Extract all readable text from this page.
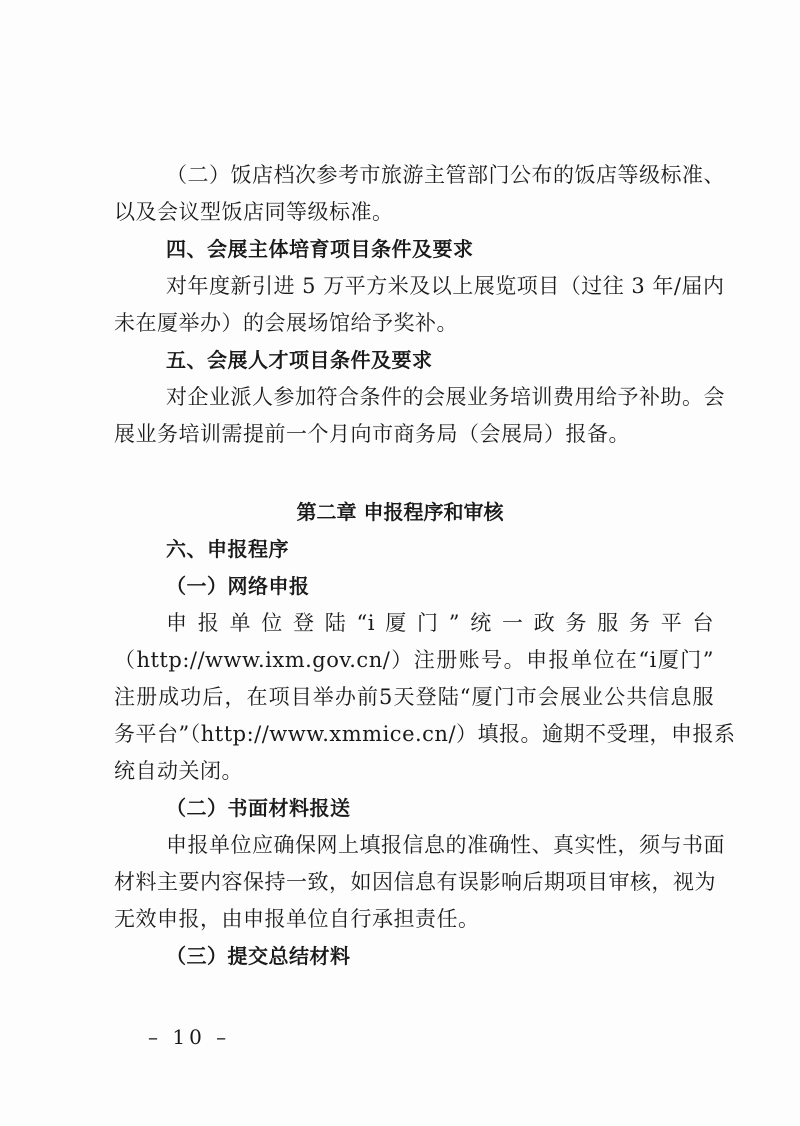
（二）饭店档次参考市旅游主管部门公布的饭店等级标准、
以及会议型饭店同等级标准。
四、会展主体培育项目条件及要求
对年度新引进 5 万平方米及以上展览项目（过往 3 年/届内
未在厦举办）的会展场馆给予奖补。
五、会展人才项目条件及要求
对企业派人参加符合条件的会展业务培训费用给予补助。会
展业务培训需提前一个月向市商务局（会展局）报备。
第二章 申报程序和审核
六、申报程序
（一）网络申报
申报单位登陆“i厦门”统一政务服务平台
（http://www.ixm.gov.cn/）注册账号。申报单位在“i厦门”
注册成功后，在项目举办前5天登陆“厦门市会展业公共信息服
务平台”（http://www.xmmice.cn/）填报。逾期不受理，申报系
统自动关闭。
（二）书面材料报送
申报单位应确保网上填报信息的准确性、真实性，须与书面
材料主要内容保持一致，如因信息有误影响后期项目审核，视为
无效申报，由申报单位自行承担责任。
（三）提交总结材料
– 10 –
